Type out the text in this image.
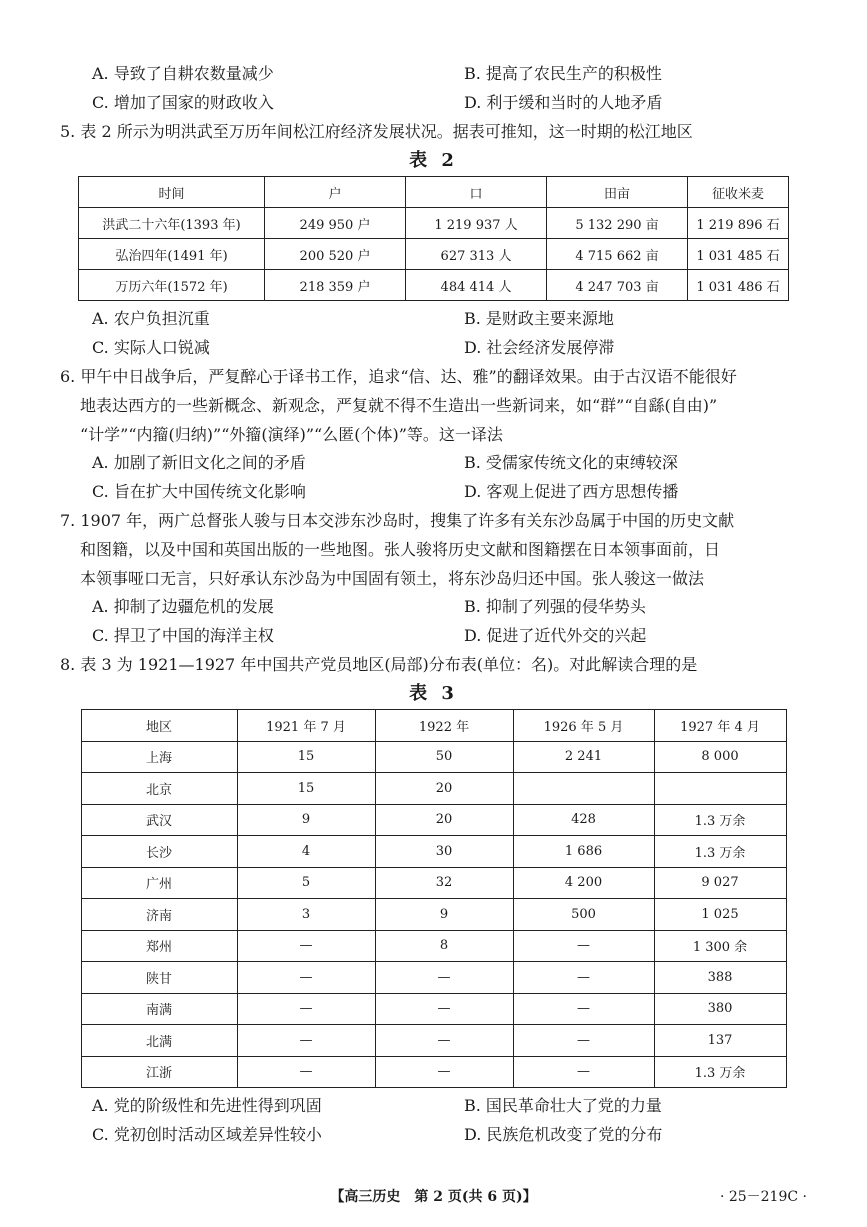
A. 导致了自耕农数量减少	B. 提高了农民生产的积极性
C. 增加了国家的财政收入	D. 利于缓和当时的人地矛盾
5. 表 2 所示为明洪武至万历年间松江府经济发展状况。据表可推知，这一时期的松江地区
表 2
时间	户	口	田亩	征收米麦
洪武二十六年(1393 年)	249 950 户	1 219 937 人	5 132 290 亩	1 219 896 石
弘治四年(1491 年)	200 520 户	627 313 人	4 715 662 亩	1 031 485 石
万历六年(1572 年)	218 359 户	484 414 人	4 247 703 亩	1 031 486 石
A. 农户负担沉重	B. 是财政主要来源地
C. 实际人口锐减	D. 社会经济发展停滞
6. 甲午中日战争后，严复醉心于译书工作，追求“信、达、雅”的翻译效果。由于古汉语不能很好
地表达西方的一些新概念、新观念，严复就不得不生造出一些新词来，如“群”“自繇(自由)”
“计学”“内籀(归纳)”“外籀(演绎)”“么匿(个体)”等。这一译法
A. 加剧了新旧文化之间的矛盾	B. 受儒家传统文化的束缚较深
C. 旨在扩大中国传统文化影响	D. 客观上促进了西方思想传播
7. 1907 年，两广总督张人骏与日本交涉东沙岛时，搜集了许多有关东沙岛属于中国的历史文献
和图籍，以及中国和英国出版的一些地图。张人骏将历史文献和图籍摆在日本领事面前，日
本领事哑口无言，只好承认东沙岛为中国固有领土，将东沙岛归还中国。张人骏这一做法
A. 抑制了边疆危机的发展	B. 抑制了列强的侵华势头
C. 捍卫了中国的海洋主权	D. 促进了近代外交的兴起
8. 表 3 为 1921—1927 年中国共产党员地区(局部)分布表(单位：名)。对此解读合理的是
表 3
地区	1921 年 7 月	1922 年	1926 年 5 月	1927 年 4 月
上海	15	50	2 241	8 000
北京	15	20		
武汉	9	20	428	1.3 万余
长沙	4	30	1 686	1.3 万余
广州	5	32	4 200	9 027
济南	3	9	500	1 025
郑州	—	8	—	1 300 余
陕甘	—	—	—	388
南满	—	—	—	380
北满	—	—	—	137
江浙	—	—	—	1.3 万余
A. 党的阶级性和先进性得到巩固	B. 国民革命壮大了党的力量
C. 党初创时活动区域差异性较小	D. 民族危机改变了党的分布
【高三历史　第 2 页(共 6 页)】	· 25－219C ·
